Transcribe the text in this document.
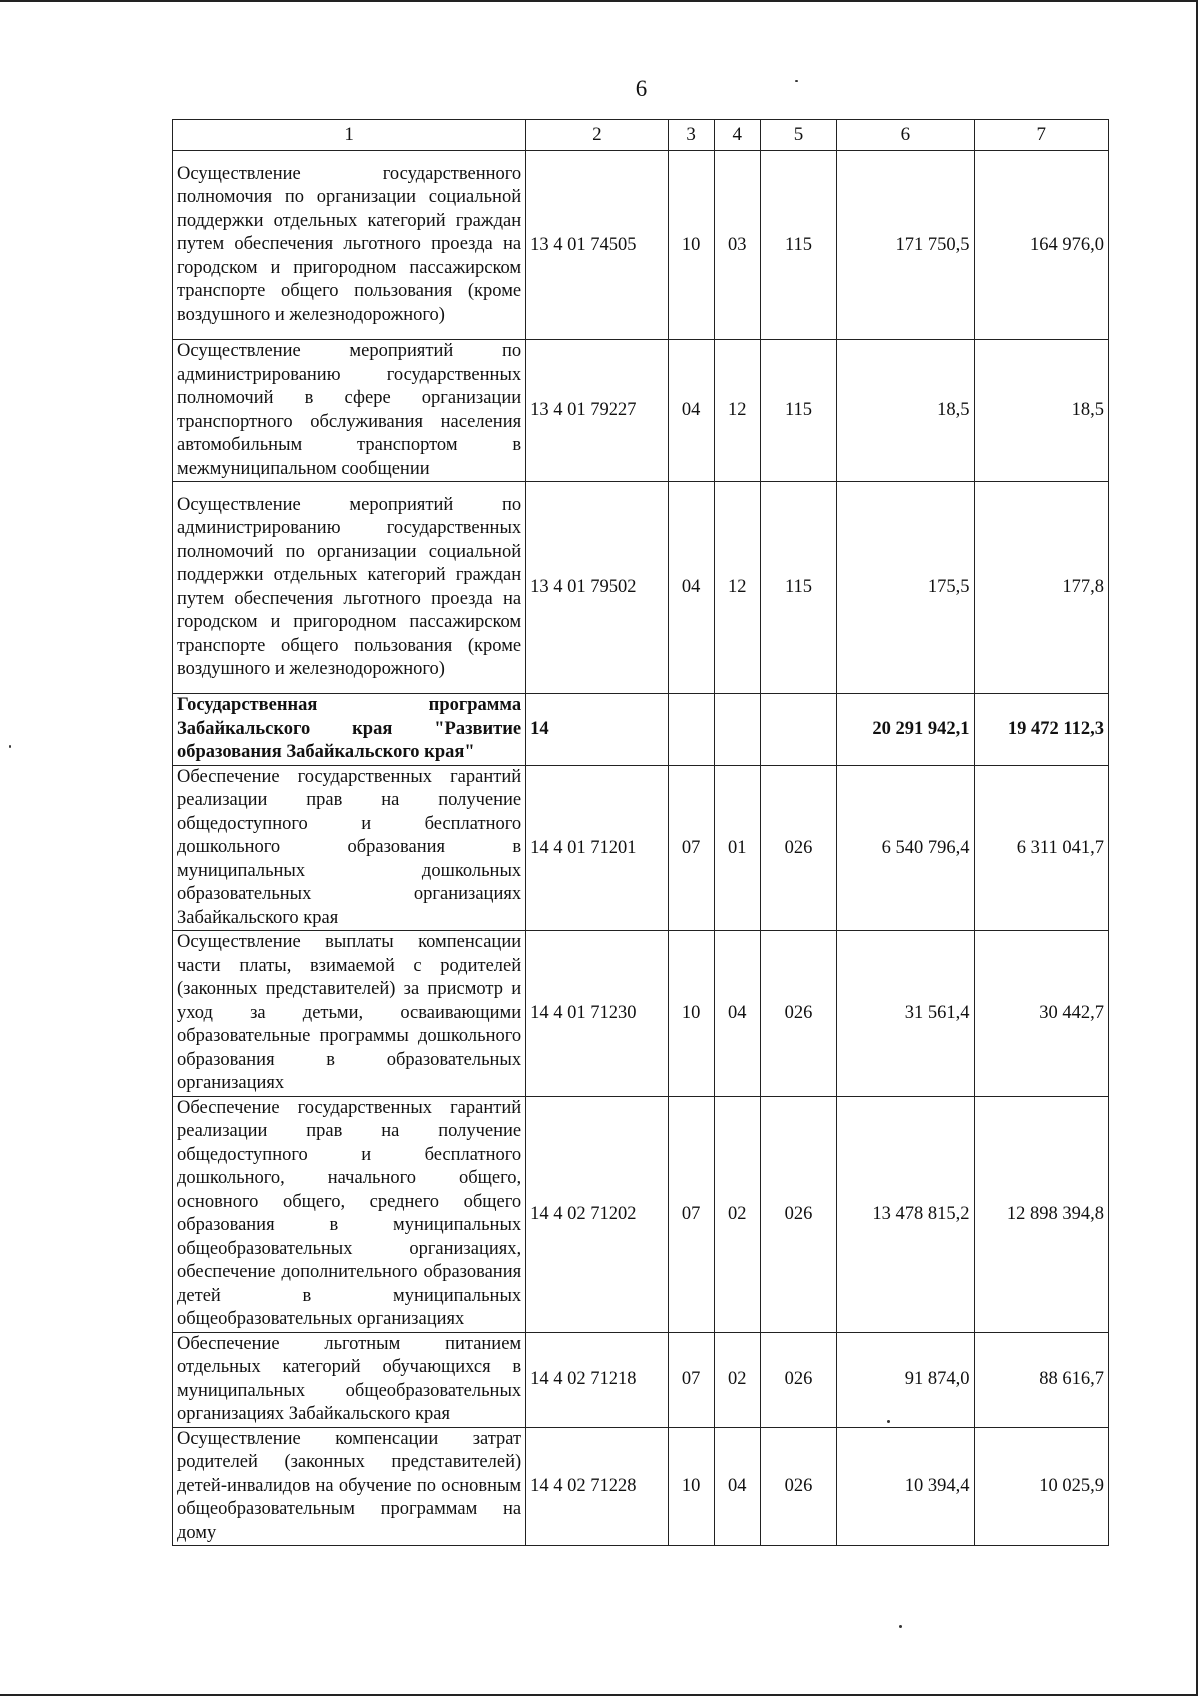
6
1	2	3	4	5	6	7
Осуществление государственного полномочия по организации социальной поддержки отдельных категорий граждан путем обеспечения льготного проезда на городском и пригородном пассажирском транспорте общего пользования (кроме воздушного и железнодорожного)	13 4 01 74505	10	03	115	171 750,5	164 976,0
Осуществление мероприятий по администрированию государственных полномочий в сфере организации транспортного обслуживания населения автомобильным транспортом в межмуниципальном сообщении	13 4 01 79227	04	12	115	18,5	18,5
Осуществление мероприятий по администрированию государственных полномочий по организации социальной поддержки отдельных категорий граждан путем обеспечения льготного проезда на городском и пригородном пассажирском транспорте общего пользования (кроме воздушного и железнодорожного)	13 4 01 79502	04	12	115	175,5	177,8
Государственная программа Забайкальского края "Развитие образования Забайкальского края"	14				20 291 942,1	19 472 112,3
Обеспечение государственных гарантий реализации прав на получение общедоступного и бесплатного дошкольного образования в муниципальных дошкольных образовательных организациях Забайкальского края	14 4 01 71201	07	01	026	6 540 796,4	6 311 041,7
Осуществление выплаты компенсации части платы, взимаемой с родителей (законных представителей) за присмотр и уход за детьми, осваивающими образовательные программы дошкольного образования в образовательных организациях	14 4 01 71230	10	04	026	31 561,4	30 442,7
Обеспечение государственных гарантий реализации прав на получение общедоступного и бесплатного дошкольного, начального общего, основного общего, среднего общего образования в муниципальных общеобразовательных организациях, обеспечение дополнительного образования детей в муниципальных общеобразовательных организациях	14 4 02 71202	07	02	026	13 478 815,2	12 898 394,8
Обеспечение льготным питанием отдельных категорий обучающихся в муниципальных общеобразовательных организациях Забайкальского края	14 4 02 71218	07	02	026	91 874,0	88 616,7
Осуществление компенсации затрат родителей (законных представителей) детей-инвалидов на обучение по основным общеобразовательным программам на дому	14 4 02 71228	10	04	026	10 394,4	10 025,9
